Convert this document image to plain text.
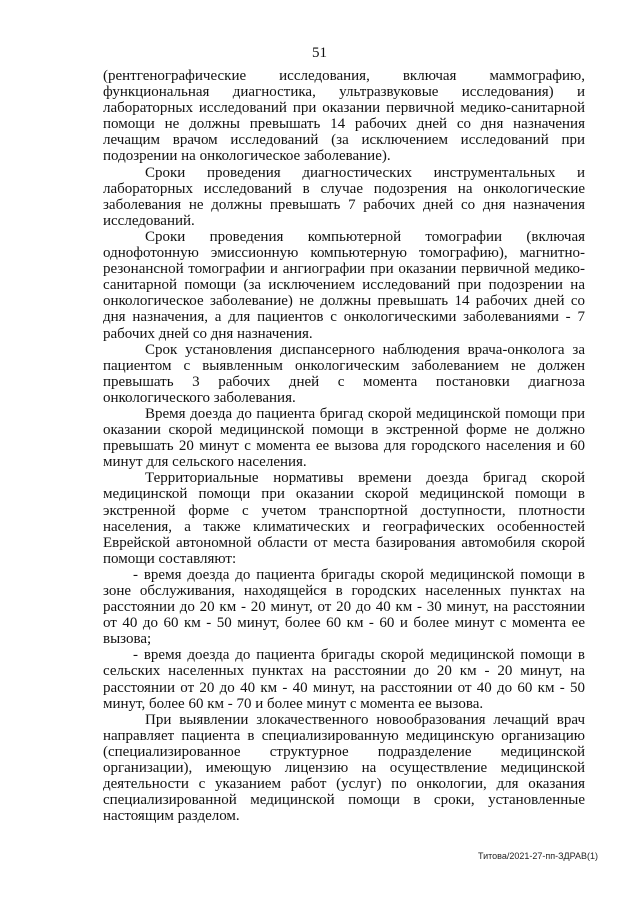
51

(рентгенографические исследования, включая маммографию, функциональная диагностика, ультразвуковые исследования) и лабораторных исследований при оказании первичной медико-санитарной помощи не должны превышать 14 рабочих дней со дня назначения лечащим врачом исследований (за исключением исследований при подозрении на онкологическое заболевание).

Сроки проведения диагностических инструментальных и лабораторных исследований в случае подозрения на онкологические заболевания не должны превышать 7 рабочих дней со дня назначения исследований.

Сроки проведения компьютерной томографии (включая однофотонную эмиссионную компьютерную томографию), магнитно-резонансной томографии и ангиографии при оказании первичной медико-санитарной помощи (за исключением исследований при подозрении на онкологическое заболевание) не должны превышать 14 рабочих дней со дня назначения, а для пациентов с онкологическими заболеваниями - 7 рабочих дней со дня назначения.

Срок установления диспансерного наблюдения врача-онколога за пациентом с выявленным онкологическим заболеванием не должен превышать 3 рабочих дней с момента постановки диагноза онкологического заболевания.

Время доезда до пациента бригад скорой медицинской помощи при оказании скорой медицинской помощи в экстренной форме не должно превышать 20 минут с момента ее вызова для городского населения и 60 минут для сельского населения.

Территориальные нормативы времени доезда бригад скорой медицинской помощи при оказании скорой медицинской помощи в экстренной форме с учетом транспортной доступности, плотности населения, а также климатических и географических особенностей Еврейской автономной области от места базирования автомобиля скорой помощи составляют:

- время доезда до пациента бригады скорой медицинской помощи в зоне обслуживания, находящейся в городских населенных пунктах на расстоянии до 20 км - 20 минут, от 20 до 40 км - 30 минут, на расстоянии от 40 до 60 км - 50 минут, более 60 км - 60 и более минут с момента ее вызова;

- время доезда до пациента бригады скорой медицинской помощи в сельских населенных пунктах на расстоянии до 20 км - 20 минут, на расстоянии от 20 до 40 км - 40 минут, на расстоянии от 40 до 60 км - 50 минут, более 60 км - 70 и более минут с момента ее вызова.

При выявлении злокачественного новообразования лечащий врач направляет пациента в специализированную медицинскую организацию (специализированное структурное подразделение медицинской организации), имеющую лицензию на осуществление медицинской деятельности с указанием работ (услуг) по онкологии, для оказания специализированной медицинской помощи в сроки, установленные настоящим разделом.

Титова/2021-27-пп-ЗДРАВ(1)
